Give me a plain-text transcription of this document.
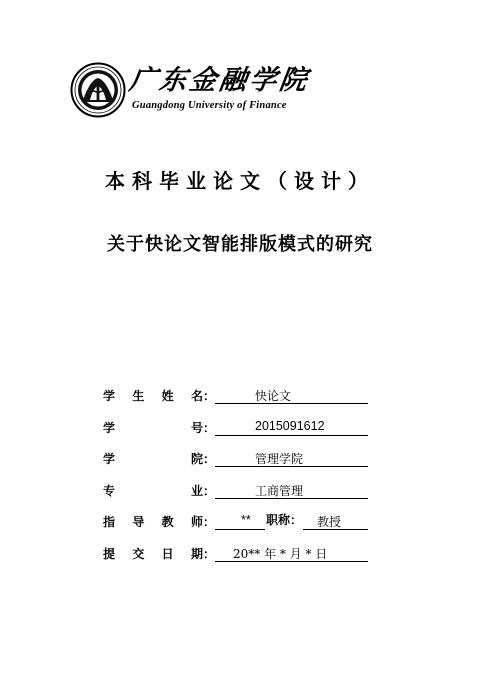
广东金融学院
Guangdong University of Finance
本科毕业论文（设计）
关于快论文智能排版模式的研究
学 生 姓 名 ：	快论文
学	号 ：	2015091612
学	院 ：	管理学院
专	业 ：	工商管理
指 导 教 师 ： ** 职称： 教授
提 交 日 期 ： 20** 年 * 月 * 日
